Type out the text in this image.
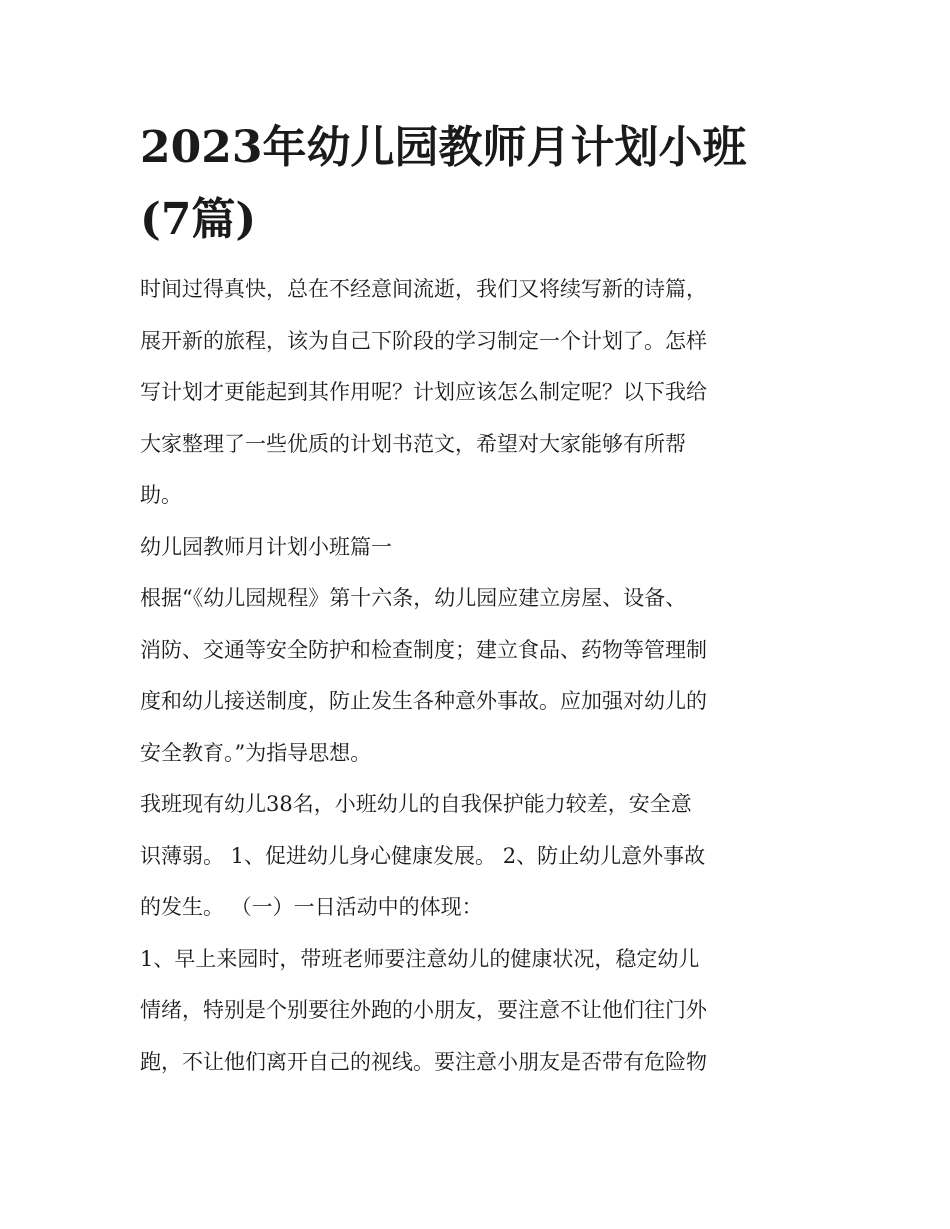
2023年幼儿园教师月计划小班
(7篇)

时间过得真快，总在不经意间流逝，我们又将续写新的诗篇，
展开新的旅程，该为自己下阶段的学习制定一个计划了。怎样
写计划才更能起到其作用呢？计划应该怎么制定呢？以下我给
大家整理了一些优质的计划书范文，希望对大家能够有所帮
助。

幼儿园教师月计划小班篇一

根据“《幼儿园规程》第十六条，幼儿园应建立房屋、设备、
消防、交通等安全防护和检查制度；建立食品、药物等管理制
度和幼儿接送制度，防止发生各种意外事故。应加强对幼儿的
安全教育。”为指导思想。

我班现有幼儿38名，小班幼儿的自我保护能力较差，安全意
识薄弱。 1、促进幼儿身心健康发展。 2、防止幼儿意外事故
的发生。 （一）一日活动中的体现：

1、早上来园时，带班老师要注意幼儿的健康状况，稳定幼儿
情绪，特别是个别要往外跑的小朋友，要注意不让他们往门外
跑，不让他们离开自己的视线。要注意小朋友是否带有危险物
